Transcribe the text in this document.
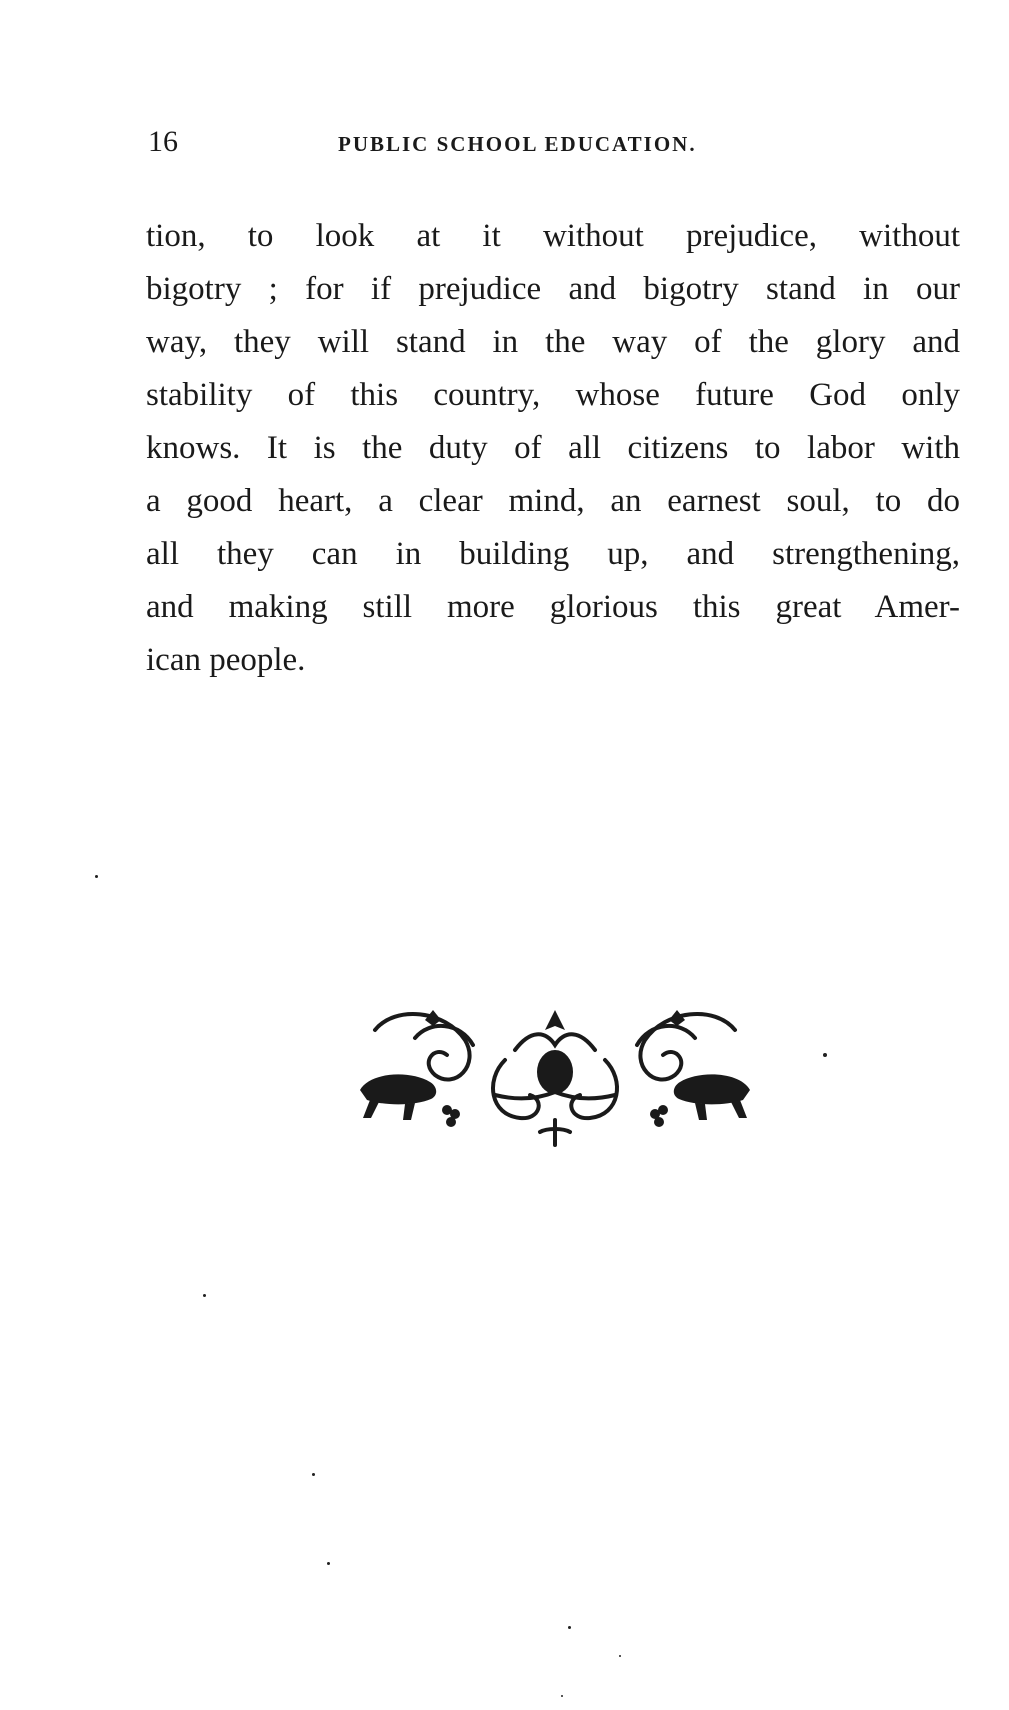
16	PUBLIC SCHOOL EDUCATION.
tion, to look at it without prejudice, without
bigotry ; for if prejudice and bigotry stand in our
way, they will stand in the way of the glory and
stability of this country, whose future God only
knows. It is the duty of all citizens to labor with
a good heart, a clear mind, an earnest soul, to do
all they can in building up, and strengthening,
and making still more glorious this great Amer-
ican people.
